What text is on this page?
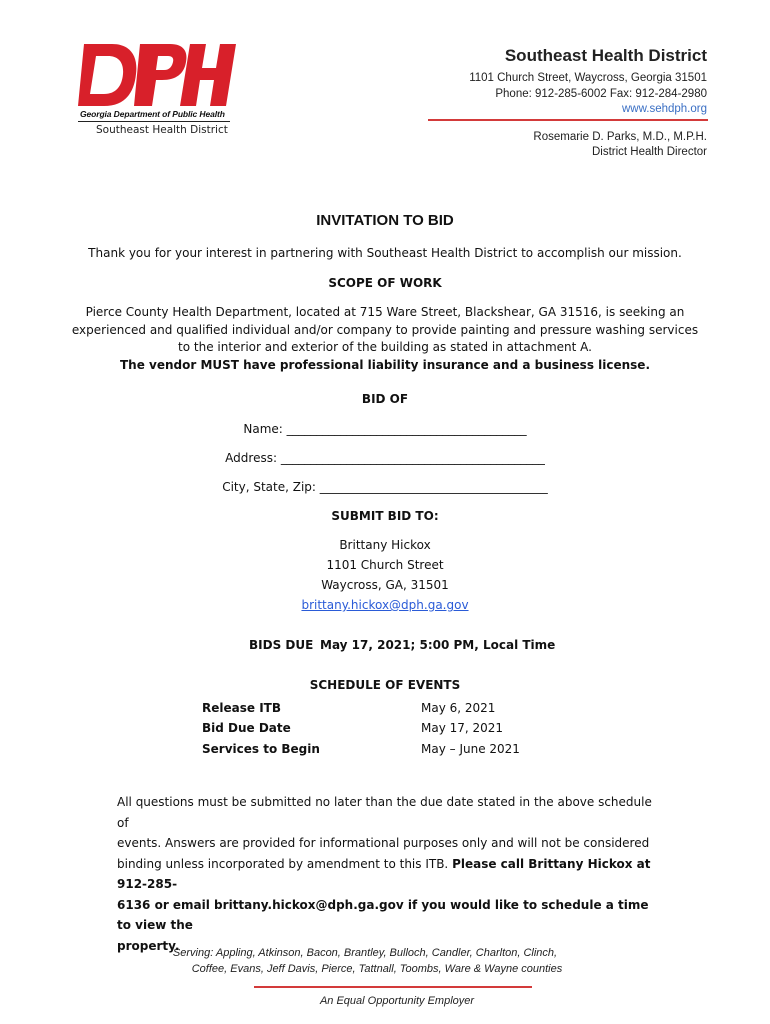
Georgia Department of Public Health
Southeast Health District
Southeast Health District
1101 Church Street, Waycross, Georgia 31501
Phone: 912-285-6002 Fax: 912-284-2980
www.sehdph.org
Rosemarie D. Parks, M.D., M.P.H.
District Health Director
INVITATION TO BID
Thank you for your interest in partnering with Southeast Health District to accomplish our mission.
SCOPE OF WORK
Pierce County Health Department, located at 715 Ware Street, Blackshear, GA 31516, is seeking an
experienced and qualified individual and/or company to provide painting and pressure washing services
to the interior and exterior of the building as stated in attachment A.
The vendor MUST have professional liability insurance and a business license.
BID OF
Name: ________________________________________
Address: ____________________________________________
City, State, Zip: ______________________________________
SUBMIT BID TO:
Brittany Hickox
1101 Church Street
Waycross, GA, 31501
brittany.hickox@dph.ga.gov
BIDS DUE May 17, 2021; 5:00 PM, Local Time
SCHEDULE OF EVENTS
Release ITB	May 6, 2021
Bid Due Date	May 17, 2021
Services to Begin	May – June 2021
All questions must be submitted no later than the due date stated in the above schedule of
events. Answers are provided for informational purposes only and will not be considered
binding unless incorporated by amendment to this ITB. Please call Brittany Hickox at 912-285-
6136 or email brittany.hickox@dph.ga.gov if you would like to schedule a time to view the
property.
Serving: Appling, Atkinson, Bacon, Brantley, Bulloch, Candler, Charlton, Clinch,
Coffee, Evans, Jeff Davis, Pierce, Tattnall, Toombs, Ware & Wayne counties
An Equal Opportunity Employer
